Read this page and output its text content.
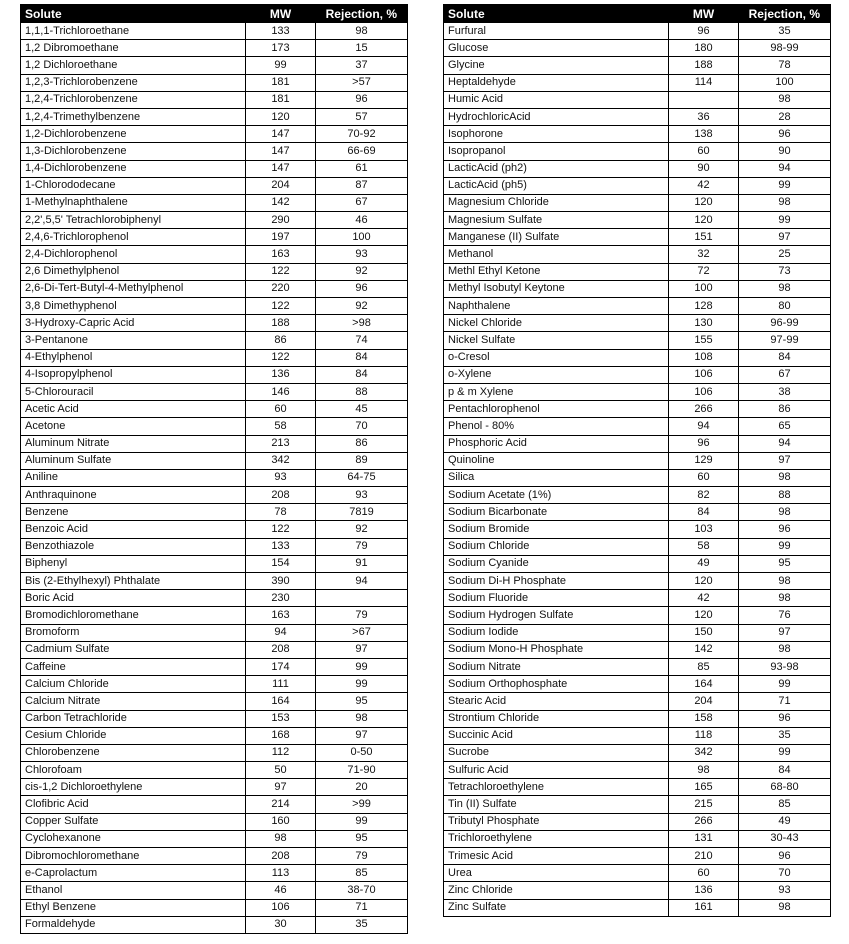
Solute	MW	Rejection, %
1,1,1-Trichloroethane	133	98
1,2 Dibromoethane	173	15
1,2 Dichloroethane	99	37
1,2,3-Trichlorobenzene	181	>57
1,2,4-Trichlorobenzene	181	96
1,2,4-Trimethylbenzene	120	57
1,2-Dichlorobenzene	147	70-92
1,3-Dichlorobenzene	147	66-69
1,4-Dichlorobenzene	147	61
1-Chlorododecane	204	87
1-Methylnaphthalene	142	67
2,2',5,5' Tetrachlorobiphenyl	290	46
2,4,6-Trichlorophenol	197	100
2,4-Dichlorophenol	163	93
2,6 Dimethylphenol	122	92
2,6-Di-Tert-Butyl-4-Methylphenol	220	96
3,8 Dimethyphenol	122	92
3-Hydroxy-Capric Acid	188	>98
3-Pentanone	86	74
4-Ethylphenol	122	84
4-Isopropylphenol	136	84
5-Chlorouracil	146	88
Acetic Acid	60	45
Acetone	58	70
Aluminum Nitrate	213	86
Aluminum Sulfate	342	89
Aniline	93	64-75
Anthraquinone	208	93
Benzene	78	7819
Benzoic Acid	122	92
Benzothiazole	133	79
Biphenyl	154	91
Bis (2-Ethylhexyl) Phthalate	390	94
Boric Acid	230	
Bromodichloromethane	163	79
Bromoform	94	>67
Cadmium Sulfate	208	97
Caffeine	174	99
Calcium Chloride	111	99
Calcium Nitrate	164	95
Carbon Tetrachloride	153	98
Cesium Chloride	168	97
Chlorobenzene	112	0-50
Chlorofoam	50	71-90
cis-1,2 Dichloroethylene	97	20
Clofibric Acid	214	>99
Copper Sulfate	160	99
Cyclohexanone	98	95
Dibromochloromethane	208	79
e-Caprolactum	113	85
Ethanol	46	38-70
Ethyl Benzene	106	71
Formaldehyde	30	35
Solute	MW	Rejection, %
Furfural	96	35
Glucose	180	98-99
Glycine	188	78
Heptaldehyde	114	100
Humic Acid		98
HydrochloricAcid	36	28
Isophorone	138	96
Isopropanol	60	90
LacticAcid (ph2)	90	94
LacticAcid (ph5)	42	99
Magnesium Chloride	120	98
Magnesium Sulfate	120	99
Manganese (II) Sulfate	151	97
Methanol	32	25
Methl Ethyl Ketone	72	73
Methyl Isobutyl Keytone	100	98
Naphthalene	128	80
Nickel Chloride	130	96-99
Nickel Sulfate	155	97-99
o-Cresol	108	84
o-Xylene	106	67
p & m Xylene	106	38
Pentachlorophenol	266	86
Phenol - 80%	94	65
Phosphoric Acid	96	94
Quinoline	129	97
Silica	60	98
Sodium Acetate (1%)	82	88
Sodium Bicarbonate	84	98
Sodium Bromide	103	96
Sodium Chloride	58	99
Sodium Cyanide	49	95
Sodium Di-H Phosphate	120	98
Sodium Fluoride	42	98
Sodium Hydrogen Sulfate	120	76
Sodium Iodide	150	97
Sodium Mono-H Phosphate	142	98
Sodium Nitrate	85	93-98
Sodium Orthophosphate	164	99
Stearic Acid	204	71
Strontium Chloride	158	96
Succinic Acid	118	35
Sucrobe	342	99
Sulfuric Acid	98	84
Tetrachloroethylene	165	68-80
Tin (II) Sulfate	215	85
Tributyl Phosphate	266	49
Trichloroethylene	131	30-43
Trimesic Acid	210	96
Urea	60	70
Zinc Chloride	136	93
Zinc Sulfate	161	98
